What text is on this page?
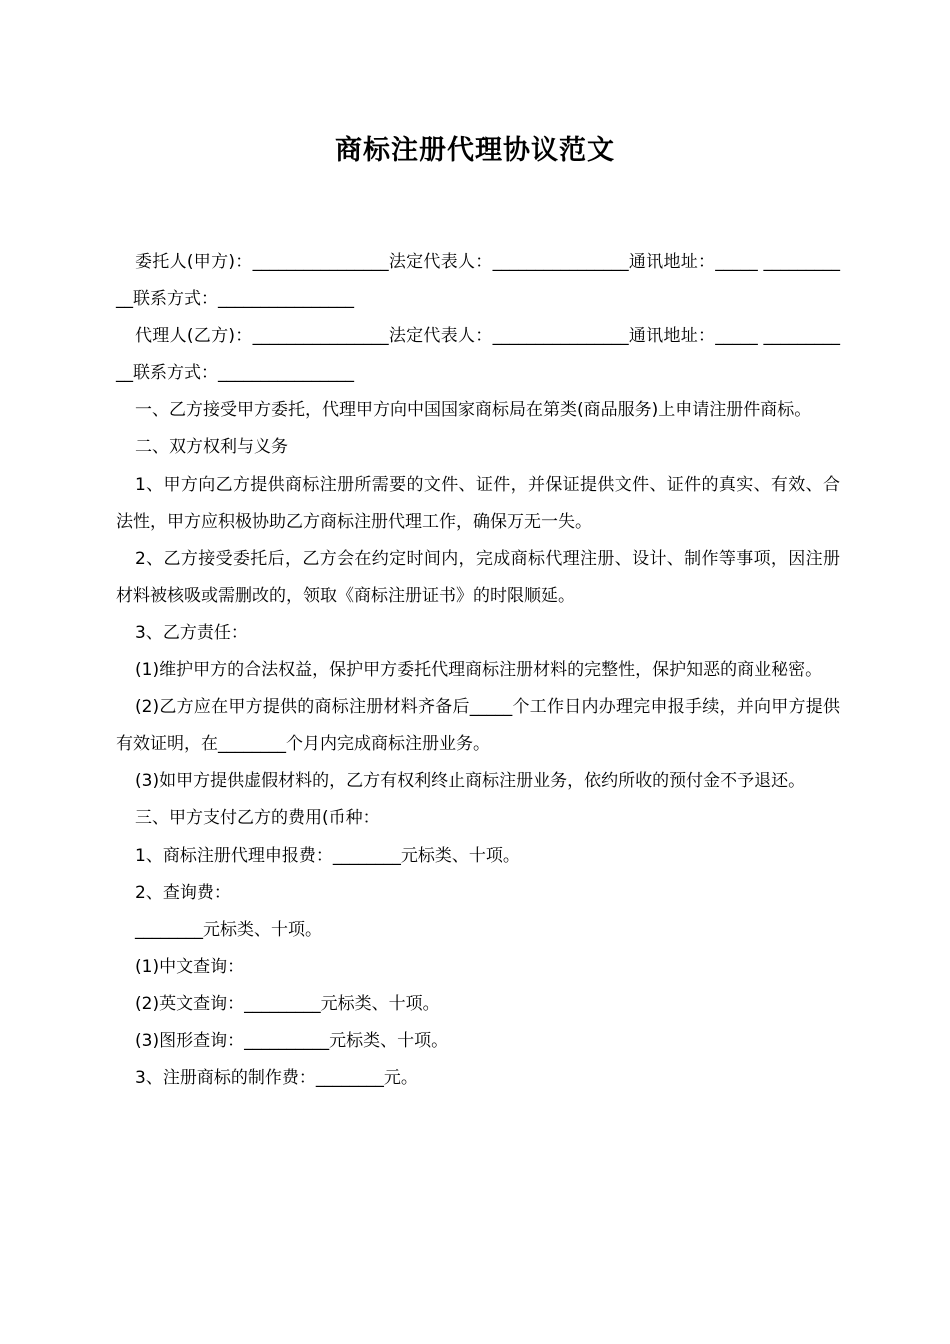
商标注册代理协议范文

委托人(甲方)：________________法定代表人：________________通讯地址：_____ ___________联系方式：________________

代理人(乙方)：________________法定代表人：________________通讯地址：_____ ___________联系方式：________________

一、乙方接受甲方委托，代理甲方向中国国家商标局在第类(商品服务)上申请注册件商标。

二、双方权利与义务

1、甲方向乙方提供商标注册所需要的文件、证件，并保证提供文件、证件的真实、有效、合法性，甲方应积极协助乙方商标注册代理工作，确保万无一失。

2、乙方接受委托后，乙方会在约定时间内，完成商标代理注册、设计、制作等事项，因注册材料被核吸或需删改的，领取《商标注册证书》的时限顺延。

3、乙方责任：

(1)维护甲方的合法权益，保护甲方委托代理商标注册材料的完整性，保护知恶的商业秘密。

(2)乙方应在甲方提供的商标注册材料齐备后_____个工作日内办理完申报手续，并向甲方提供有效证明，在________个月内完成商标注册业务。

(3)如甲方提供虚假材料的，乙方有权利终止商标注册业务，依约所收的预付金不予退还。

三、甲方支付乙方的费用(币种：

1、商标注册代理申报费：________元标类、十项。

2、查询费：

________元标类、十项。

(1)中文查询：

(2)英文查询：_________元标类、十项。

(3)图形查询：__________元标类、十项。

3、注册商标的制作费：________元。
